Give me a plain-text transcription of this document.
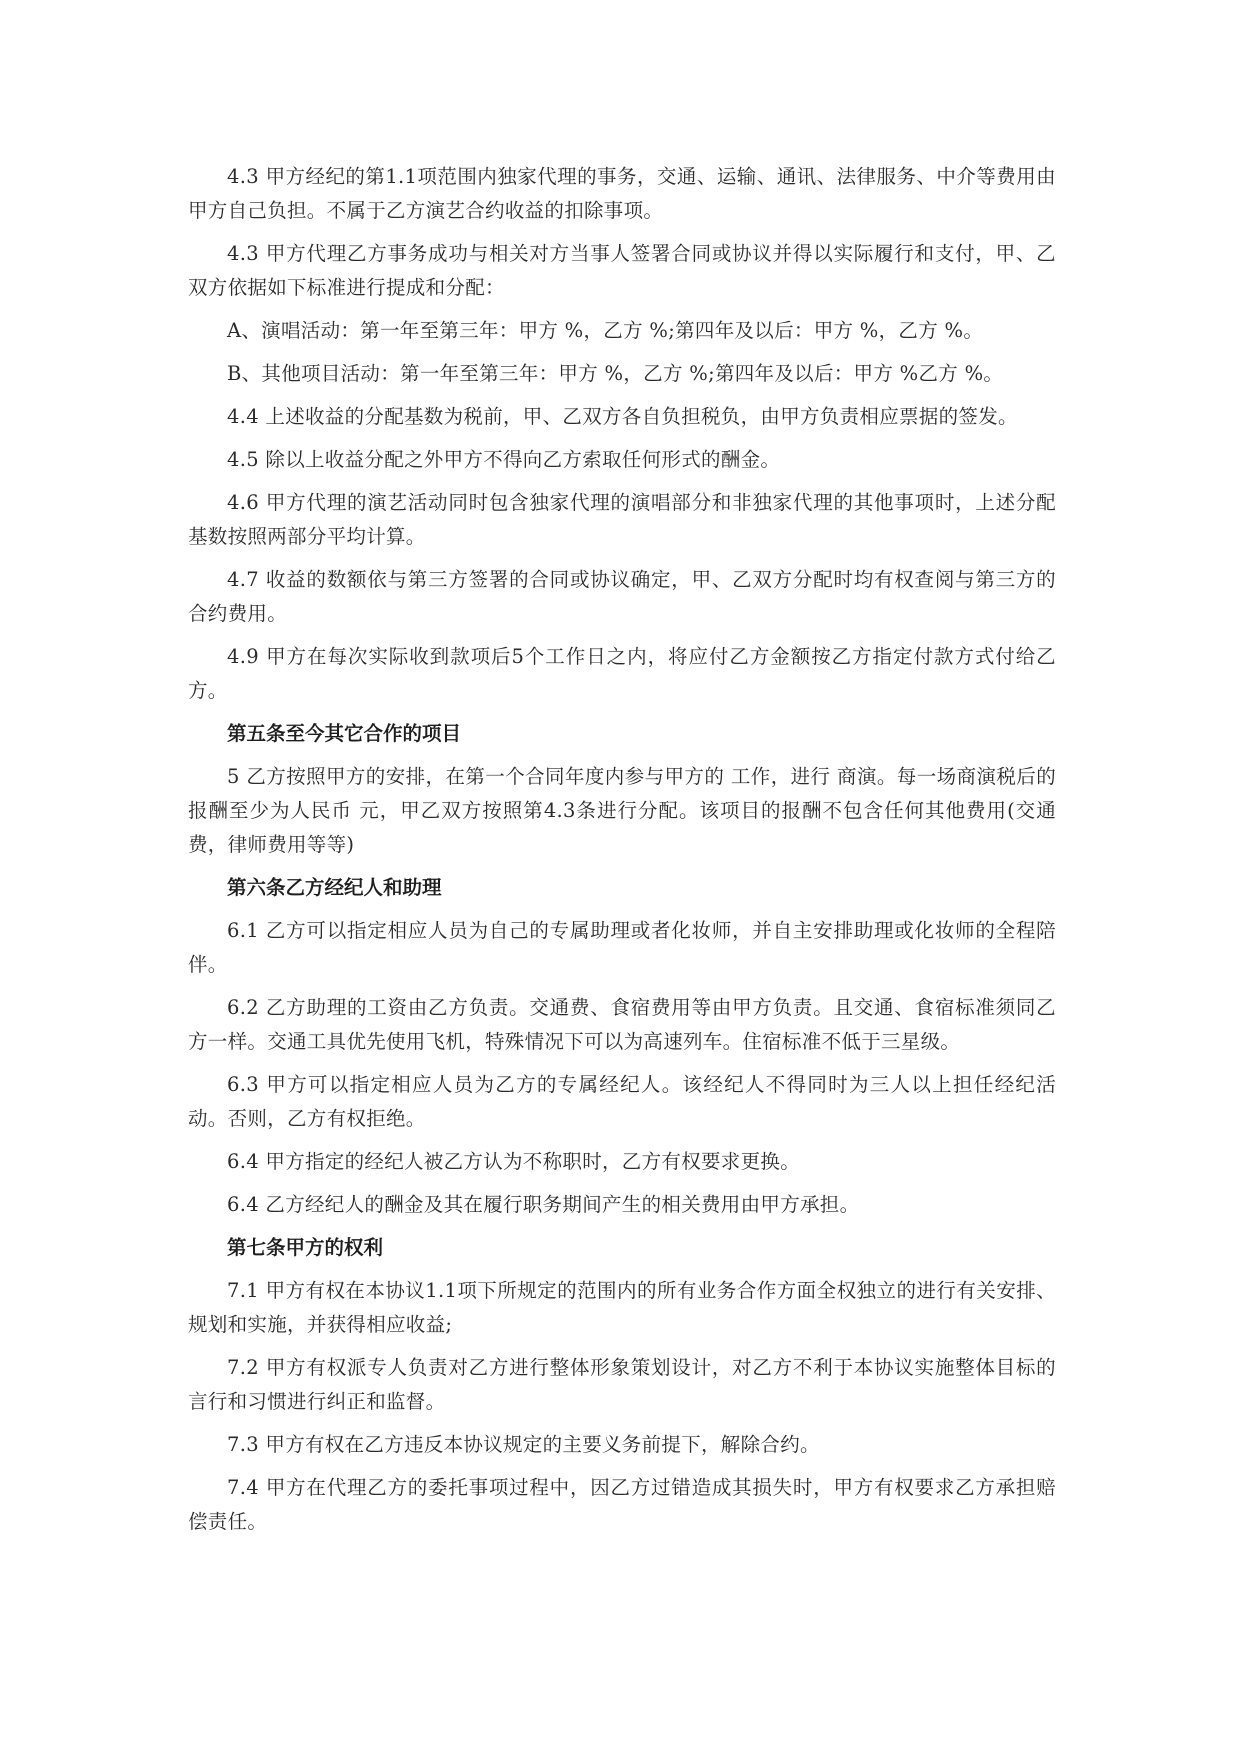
4.3 甲方经纪的第1.1项范围内独家代理的事务，交通、运输、通讯、法律服务、中介等费用由甲方自己负担。不属于乙方演艺合约收益的扣除事项。

4.3 甲方代理乙方事务成功与相关对方当事人签署合同或协议并得以实际履行和支付，甲、乙双方依据如下标准进行提成和分配：

A、演唱活动：第一年至第三年：甲方 %，乙方 %;第四年及以后：甲方 %，乙方 %。

B、其他项目活动：第一年至第三年：甲方 %，乙方 %;第四年及以后：甲方 %乙方 %。

4.4 上述收益的分配基数为税前，甲、乙双方各自负担税负，由甲方负责相应票据的签发。

4.5 除以上收益分配之外甲方不得向乙方索取任何形式的酬金。

4.6 甲方代理的演艺活动同时包含独家代理的演唱部分和非独家代理的其他事项时，上述分配基数按照两部分平均计算。

4.7 收益的数额依与第三方签署的合同或协议确定，甲、乙双方分配时均有权查阅与第三方的合约费用。

4.9 甲方在每次实际收到款项后5个工作日之内，将应付乙方金额按乙方指定付款方式付给乙方。

第五条至今其它合作的项目

5 乙方按照甲方的安排，在第一个合同年度内参与甲方的 工作，进行 商演。每一场商演税后的报酬至少为人民币 元，甲乙双方按照第4.3条进行分配。该项目的报酬不包含任何其他费用(交通费，律师费用等等)

第六条乙方经纪人和助理

6.1 乙方可以指定相应人员为自己的专属助理或者化妆师，并自主安排助理或化妆师的全程陪伴。

6.2 乙方助理的工资由乙方负责。交通费、食宿费用等由甲方负责。且交通、食宿标准须同乙方一样。交通工具优先使用飞机，特殊情况下可以为高速列车。住宿标准不低于三星级。

6.3 甲方可以指定相应人员为乙方的专属经纪人。该经纪人不得同时为三人以上担任经纪活动。否则，乙方有权拒绝。

6.4 甲方指定的经纪人被乙方认为不称职时，乙方有权要求更换。

6.4 乙方经纪人的酬金及其在履行职务期间产生的相关费用由甲方承担。

第七条甲方的权利

7.1 甲方有权在本协议1.1项下所规定的范围内的所有业务合作方面全权独立的进行有关安排、规划和实施，并获得相应收益;

7.2 甲方有权派专人负责对乙方进行整体形象策划设计，对乙方不利于本协议实施整体目标的言行和习惯进行纠正和监督。

7.3 甲方有权在乙方违反本协议规定的主要义务前提下，解除合约。

7.4 甲方在代理乙方的委托事项过程中，因乙方过错造成其损失时，甲方有权要求乙方承担赔偿责任。
